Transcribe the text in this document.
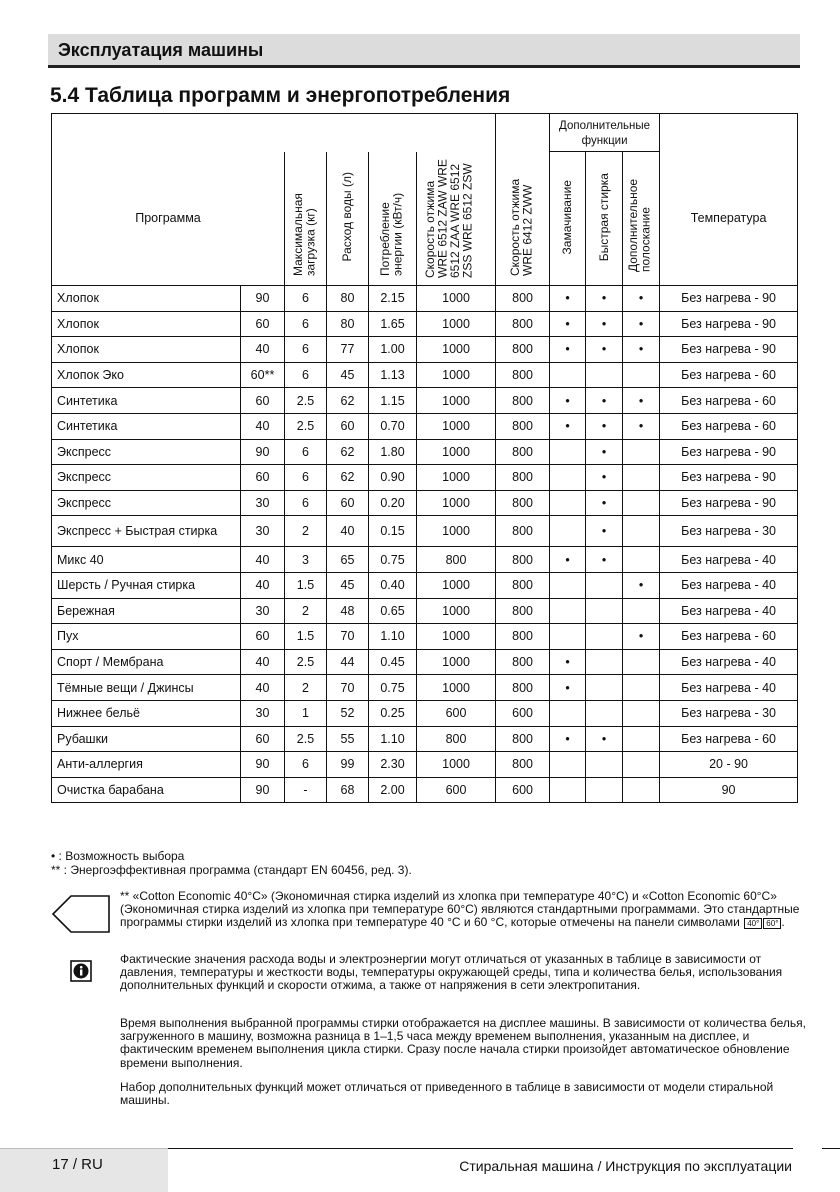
Эксплуатация машины
5.4 Таблица программ и энергопотребления
							Дополнительные функции			
Программа		Максимальная загрузка (кг)	Расход воды (л)	Потребление энергии (кВт/ч)	Скорость отжима WRE 6512 ZAW WRE 6512 ZAA WRE 6512 ZSS WRE 6512 ZSW	Скорость отжима WRE 6412 ZWW	Замачивание	Быстрая стирка	Дополнительное полоскание	Температура
Хлопок	90	6	80	2.15	1000	800	•	•	•	Без нагрева - 90
Хлопок	60	6	80	1.65	1000	800	•	•	•	Без нагрева - 90
Хлопок	40	6	77	1.00	1000	800	•	•	•	Без нагрева - 90
Хлопок Эко	60**	6	45	1.13	1000	800				Без нагрева - 60
Синтетика	60	2.5	62	1.15	1000	800	•	•	•	Без нагрева - 60
Синтетика	40	2.5	60	0.70	1000	800	•	•	•	Без нагрева - 60
Экспресс	90	6	62	1.80	1000	800		•		Без нагрева - 90
Экспресс	60	6	62	0.90	1000	800		•		Без нагрева - 90
Экспресс	30	6	60	0.20	1000	800		•		Без нагрева - 90
Экспресс + Быстрая стирка	30	2	40	0.15	1000	800		•		Без нагрева - 30
Микс 40	40	3	65	0.75	800	800	•	•		Без нагрева - 40
Шерсть / Ручная стирка	40	1.5	45	0.40	1000	800			•	Без нагрева - 40
Бережная	30	2	48	0.65	1000	800				Без нагрева - 40
Пух	60	1.5	70	1.10	1000	800			•	Без нагрева - 60
Спорт / Мембрана	40	2.5	44	0.45	1000	800	•			Без нагрева - 40
Тёмные вещи / Джинсы	40	2	70	0.75	1000	800	•			Без нагрева - 40
Нижнее бельё	30	1	52	0.25	600	600				Без нагрева - 30
Рубашки	60	2.5	55	1.10	800	800	•	•		Без нагрева - 60
Анти-аллергия	90	6	99	2.30	1000	800				20 - 90
Очистка барабана	90	-	68	2.00	600	600				90
• : Возможность выбора
** : Энергоэффективная программа (стандарт EN 60456, ред. 3).
** «Cotton Economic 40°C» (Экономичная стирка изделий из хлопка при температуре 40°C) и «Cotton Economic 60°C» (Экономичная стирка изделий из хлопка при температуре 60°C) являются стандартными программами. Это стандартные программы стирки изделий из хлопка при температуре 40 °C и 60 °C, которые отмечены на панели символами 40° 60° .
Фактические значения расхода воды и электроэнергии могут отличаться от указанных в таблице в зависимости от давления, температуры и жесткости воды, температуры окружающей среды, типа и количества белья, использования дополнительных функций и скорости отжима, а также от напряжения в сети электропитания.
Время выполнения выбранной программы стирки отображается на дисплее машины. В зависимости от количества белья, загруженного в машину, возможна разница в 1–1,5 часа между временем выполнения, указанным на дисплее, и фактическим временем выполнения цикла стирки. Сразу после начала стирки произойдет автоматическое обновление времени выполнения.
Набор дополнительных функций может отличаться от приведенного в таблице в зависимости от модели стиральной машины.
17 / RU	Стиральная машина / Инструкция по эксплуатации
